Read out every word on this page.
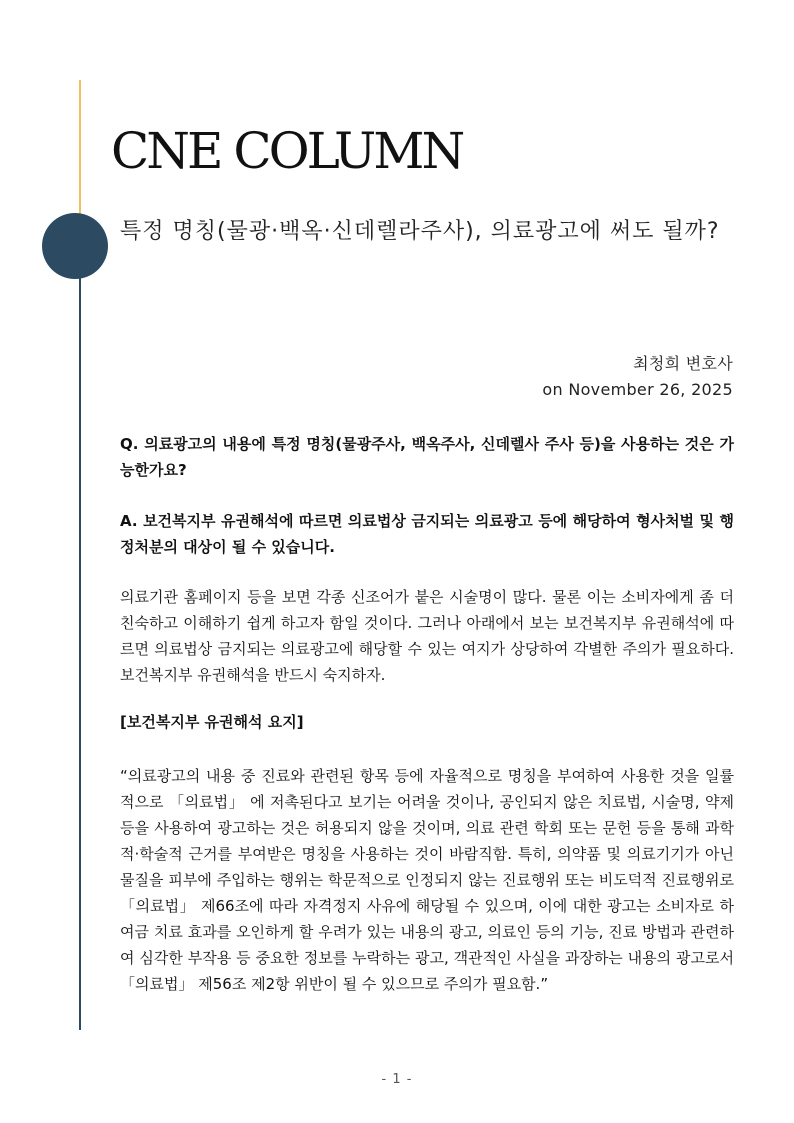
CNE COLUMN
특정 명칭(물광·백옥·신데렐라주사), 의료광고에 써도 될까?
최청희 변호사
on November 26, 2025

Q. 의료광고의 내용에 특정 명칭(물광주사, 백옥주사, 신데렐사 주사 등)을 사용하는 것은 가능한가요?

A. 보건복지부 유권해석에 따르면 의료법상 금지되는 의료광고 등에 해당하여 형사처벌 및 행정처분의 대상이 될 수 있습니다.

의료기관 홈페이지 등을 보면 각종 신조어가 붙은 시술명이 많다. 물론 이는 소비자에게 좀 더 친숙하고 이해하기 쉽게 하고자 함일 것이다. 그러나 아래에서 보는 보건복지부 유권해석에 따르면 의료법상 금지되는 의료광고에 해당할 수 있는 여지가 상당하여 각별한 주의가 필요하다. 보건복지부 유권해석을 반드시 숙지하자.

[보건복지부 유권해석 요지]

“의료광고의 내용 중 진료와 관련된 항목 등에 자율적으로 명칭을 부여하여 사용한 것을 일률적으로 「의료법」 에 저촉된다고 보기는 어려울 것이나, 공인되지 않은 치료법, 시술명, 약제 등을 사용하여 광고하는 것은 허용되지 않을 것이며, 의료 관련 학회 또는 문헌 등을 통해 과학적·학술적 근거를 부여받은 명칭을 사용하는 것이 바람직함. 특히, 의약품 및 의료기기가 아닌 물질을 피부에 주입하는 행위는 학문적으로 인정되지 않는 진료행위 또는 비도덕적 진료행위로 「의료법」 제66조에 따라 자격정지 사유에 해당될 수 있으며, 이에 대한 광고는 소비자로 하여금 치료 효과를 오인하게 할 우려가 있는 내용의 광고, 의료인 등의 기능, 진료 방법과 관련하여 심각한 부작용 등 중요한 정보를 누락하는 광고, 객관적인 사실을 과장하는 내용의 광고로서 「의료법」 제56조 제2항 위반이 될 수 있으므로 주의가 필요함.”

- 1 -
